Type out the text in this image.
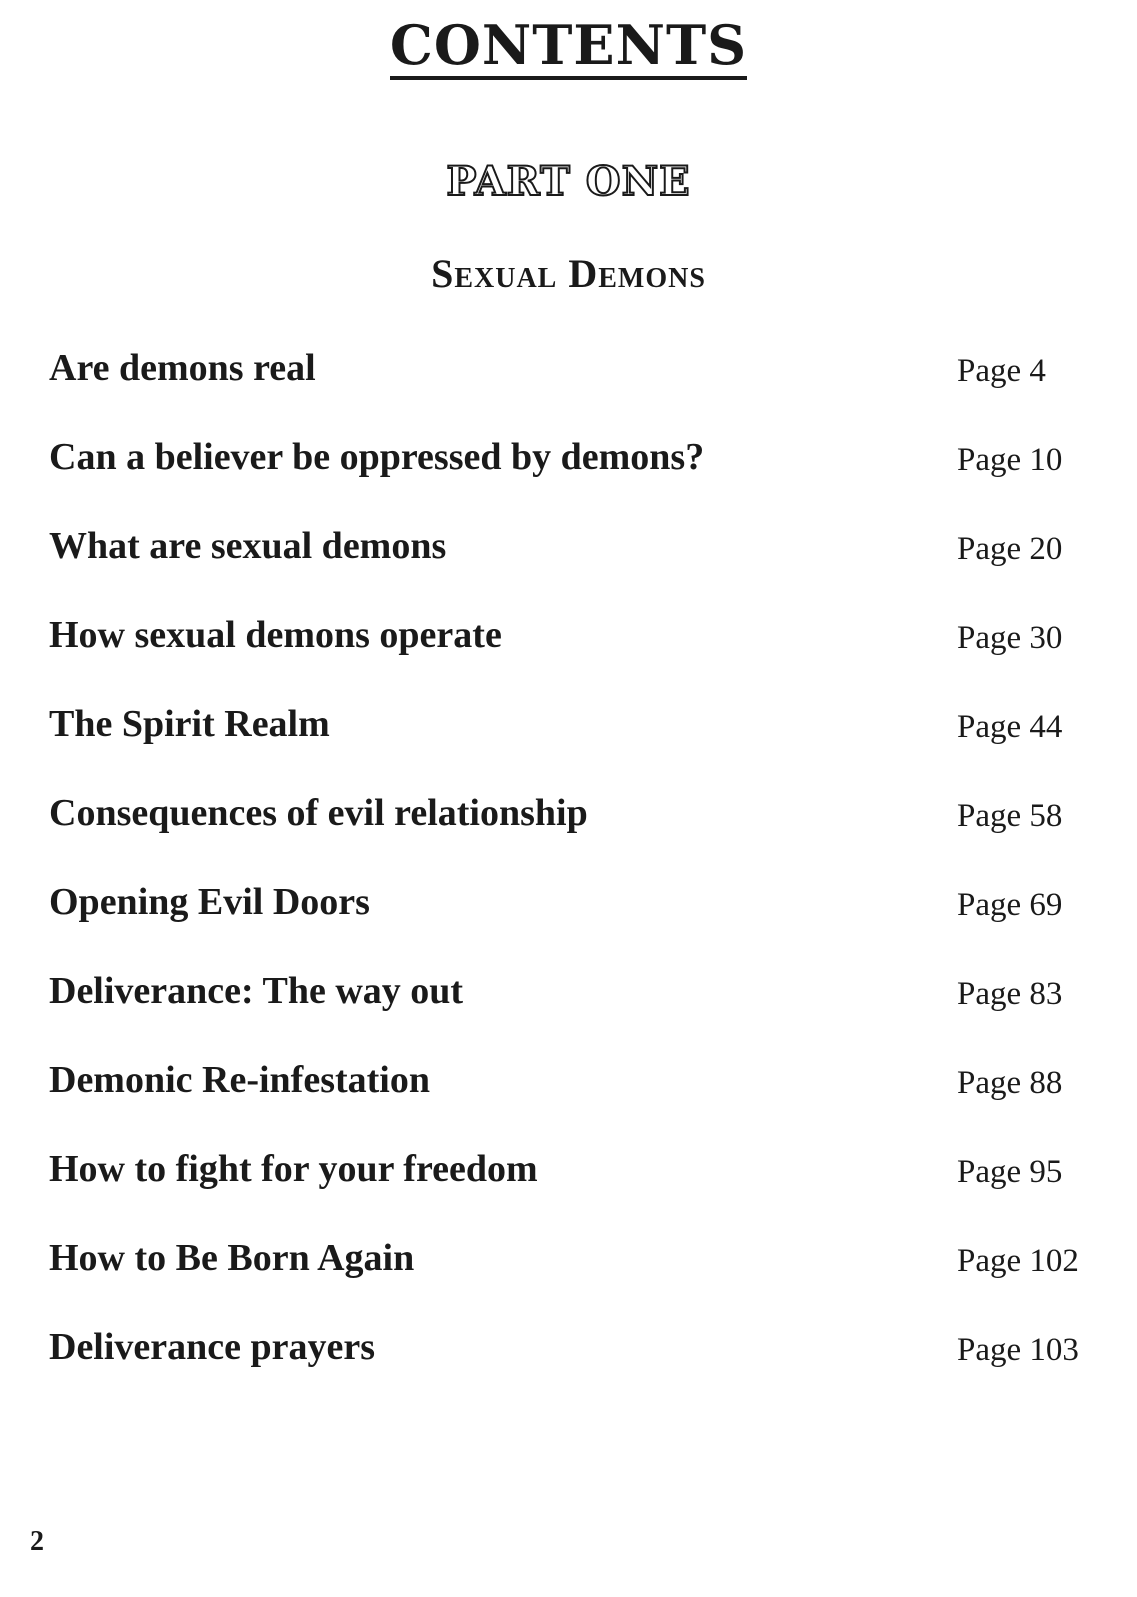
CONTENTS
PART ONE
Sexual Demons
Are demons real	Page 4
Can a believer be oppressed by demons?	Page 10
What are sexual demons	Page 20
How sexual demons operate	Page 30
The Spirit Realm	Page 44
Consequences of evil relationship	Page 58
Opening Evil Doors	Page 69
Deliverance: The way out	Page 83
Demonic Re-infestation	Page 88
How to fight for your freedom	Page 95
How to Be Born Again	Page 102
Deliverance prayers	Page 103
2
